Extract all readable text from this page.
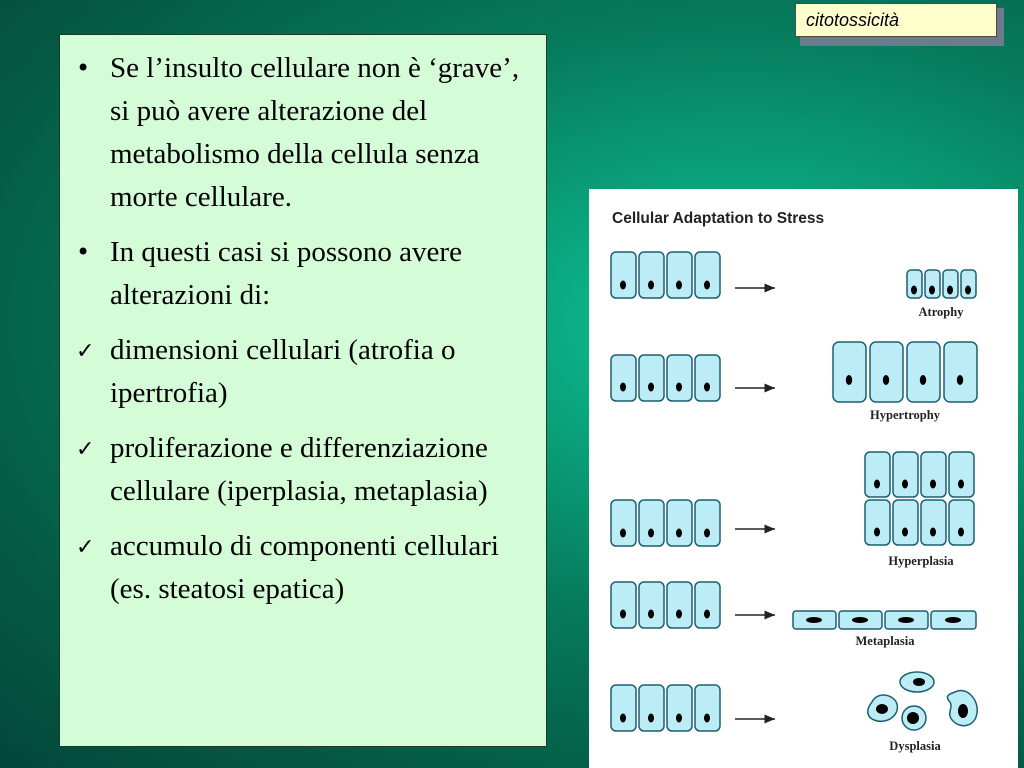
citotossicità
• Se l’insulto cellulare non è ‘grave’, si può avere alterazione del metabolismo della cellula senza morte cellulare.
• In questi casi si possono avere alterazioni di:
✓ dimensioni cellulari (atrofia o ipertrofia)
✓ proliferazione e differenziazione cellulare (iperplasia, metaplasia)
✓ accumulo di componenti cellulari (es. steatosi epatica)
Cellular Adaptation to Stress
Atrophy
Hypertrophy
Hyperplasia
Metaplasia
Dysplasia
